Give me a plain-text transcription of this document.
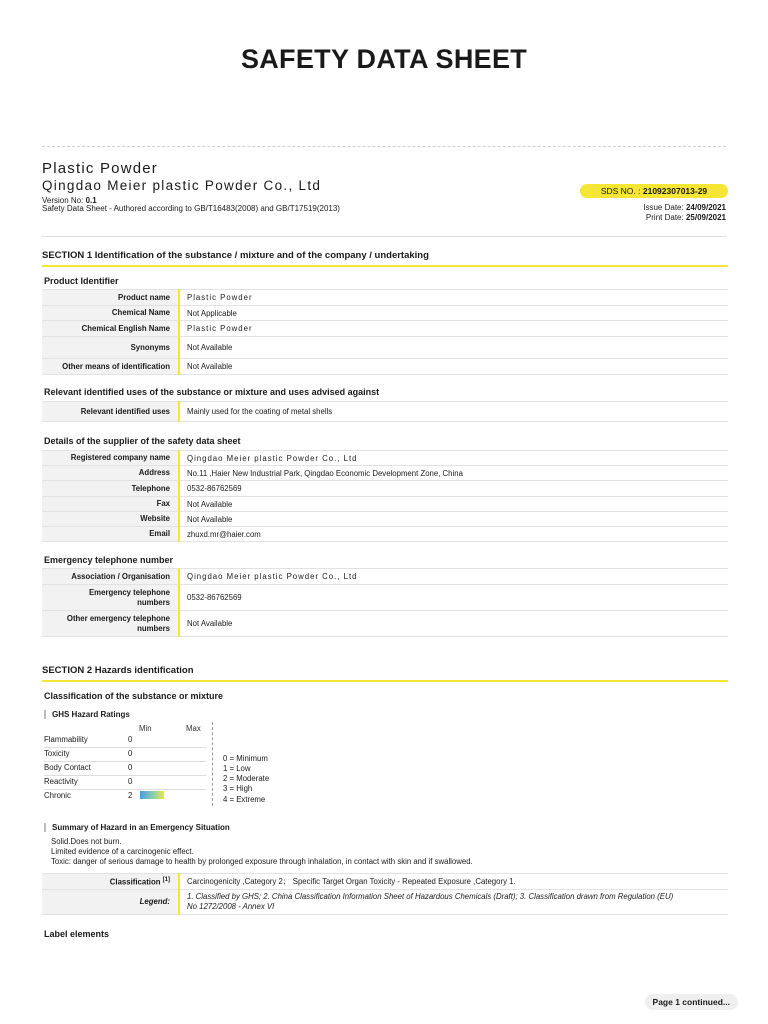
SAFETY DATA SHEET
Plastic Powder
Qingdao Meier plastic Powder Co., Ltd
Version No: 0.1
Safety Data Sheet - Authored according to GB/T16483(2008) and GB/T17519(2013)
SDS NO. : 21092307013-29
Issue Date: 24/09/2021
Print Date: 25/09/2021
SECTION 1 Identification of the substance / mixture and of the company / undertaking
Product Identifier
Product name	Plastic Powder
Chemical Name	Not Applicable
Chemical English Name	Plastic Powder
Synonyms	Not Available
Other means of identification	Not Available
Relevant identified uses of the substance or mixture and uses advised against
Relevant identified uses	Mainly used for the coating of metal shells
Details of the supplier of the safety data sheet
Registered company name	Qingdao Meier plastic Powder Co., Ltd
Address	No.11 ,Haier New Industrial Park, Qingdao Economic Development Zone, China
Telephone	0532-86762569
Fax	Not Available
Website	Not Available
Email	zhuxd.mr@haier.com
Emergency telephone number
Association / Organisation	Qingdao Meier plastic Powder Co., Ltd
Emergency telephone
numbers	0532-86762569
Other emergency telephone
numbers	Not Available
SECTION 2 Hazards identification
Classification of the substance or mixture
GHS Hazard Ratings
Min	Max
Flammability	0
Toxicity	0
Body Contact	0
Reactivity	0
Chronic	2
0 = Minimum
1 = Low
2 = Moderate
3 = High
4 = Extreme
Summary of Hazard in an Emergency Situation
Solid.Does not burn.
Limited evidence of a carcinogenic effect.
Toxic: danger of serious damage to health by prolonged exposure through inhalation, in contact with skin and if swallowed.
Classification [1]	Carcinogenicity ,Category 2； Specific Target Organ Toxicity - Repeated Exposure ,Category 1.
Legend:	1. Classified by GHS; 2. China Classification Information Sheet of Hazardous Chemicals (Draft); 3. Classification drawn from Regulation (EU)
No 1272/2008 - Annex VI
Label elements
Page 1 continued...
